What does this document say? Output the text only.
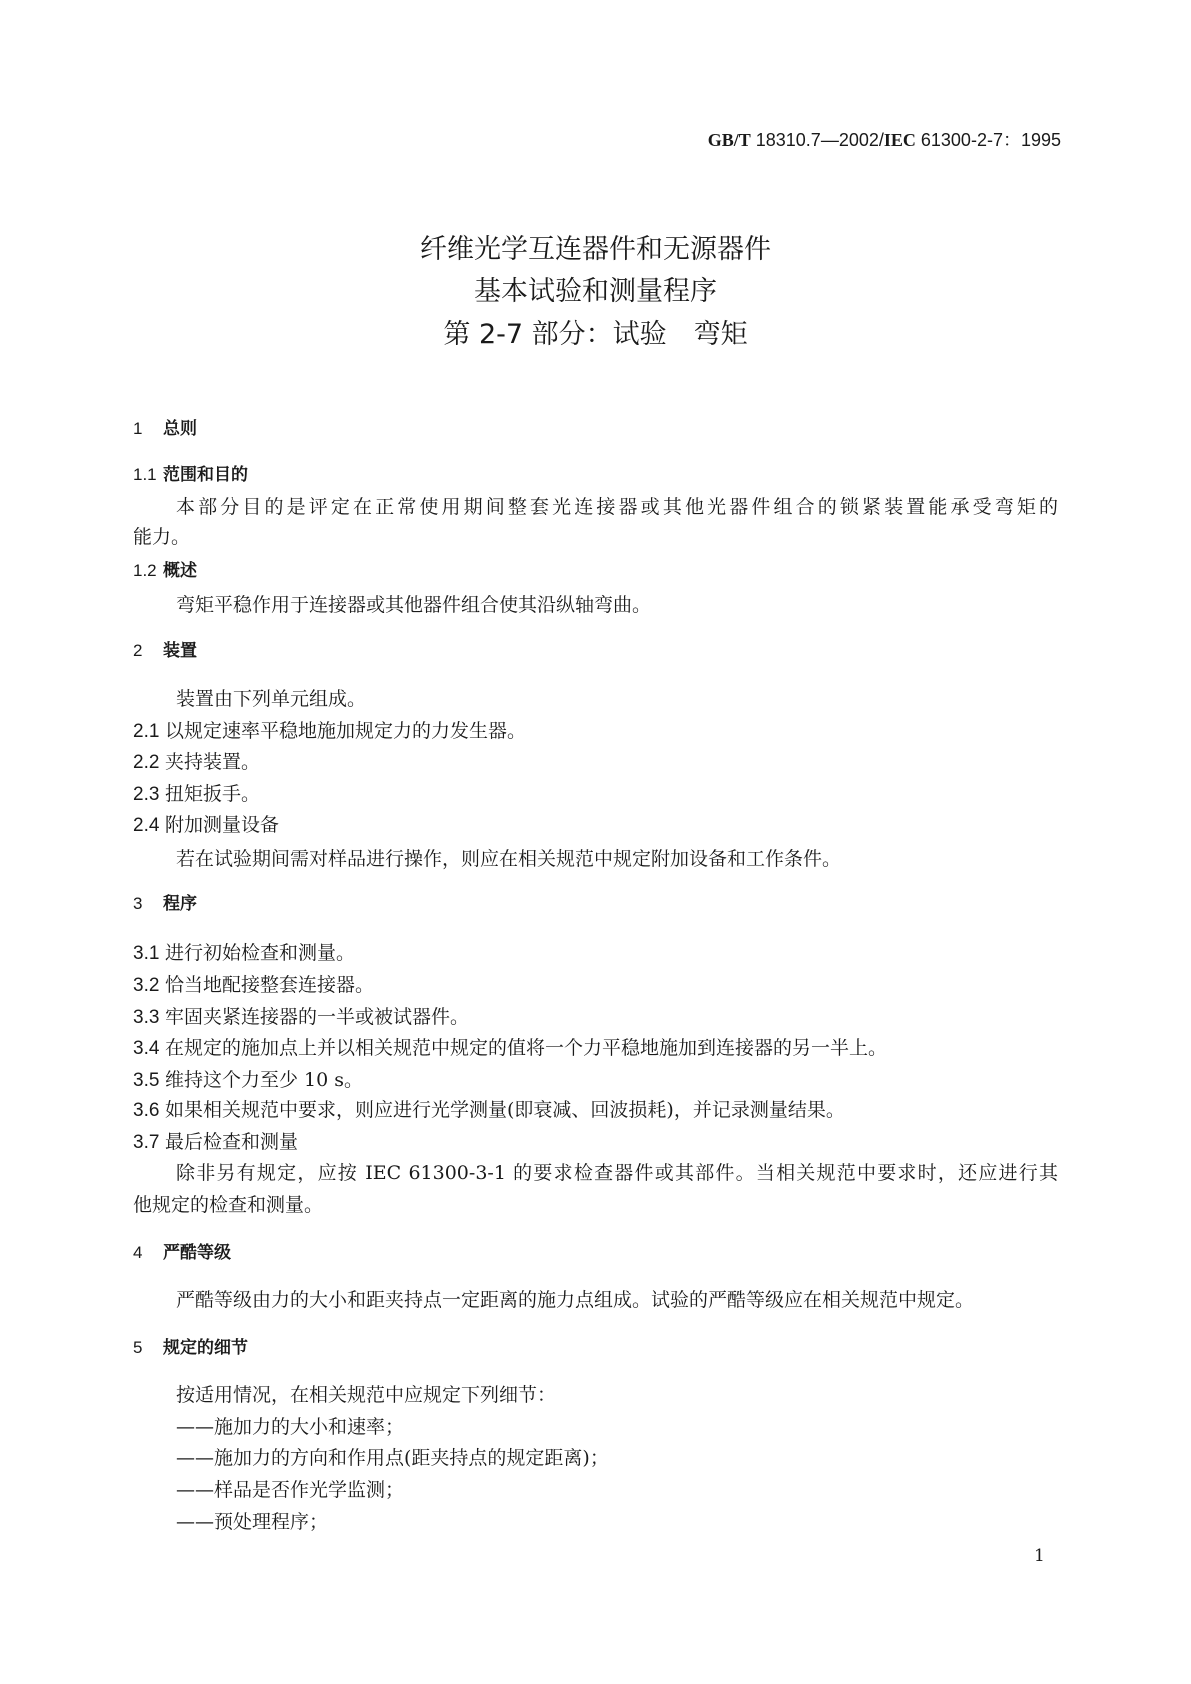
GB/T 18310.7—2002/IEC 61300-2-7：1995
纤维光学互连器件和无源器件
基本试验和测量程序
第 2-7 部分：试验　弯矩
1 总则
1.1 范围和目的
本部分目的是评定在正常使用期间整套光连接器或其他光器件组合的锁紧装置能承受弯矩的
能力。
1.2 概述
弯矩平稳作用于连接器或其他器件组合使其沿纵轴弯曲。
2 装置
装置由下列单元组成。
2.1 以规定速率平稳地施加规定力的力发生器。
2.2 夹持装置。
2.3 扭矩扳手。
2.4 附加测量设备
若在试验期间需对样品进行操作，则应在相关规范中规定附加设备和工作条件。
3 程序
3.1 进行初始检查和测量。
3.2 恰当地配接整套连接器。
3.3 牢固夹紧连接器的一半或被试器件。
3.4 在规定的施加点上并以相关规范中规定的值将一个力平稳地施加到连接器的另一半上。
3.5 维持这个力至少 10 s。
3.6 如果相关规范中要求，则应进行光学测量(即衰减、回波损耗)，并记录测量结果。
3.7 最后检查和测量
除非另有规定，应按 IEC 61300-3-1 的要求检查器件或其部件。当相关规范中要求时，还应进行其
他规定的检查和测量。
4 严酷等级
严酷等级由力的大小和距夹持点一定距离的施力点组成。试验的严酷等级应在相关规范中规定。
5 规定的细节
按适用情况，在相关规范中应规定下列细节：
——施加力的大小和速率；
——施加力的方向和作用点(距夹持点的规定距离)；
——样品是否作光学监测；
——预处理程序；
1
